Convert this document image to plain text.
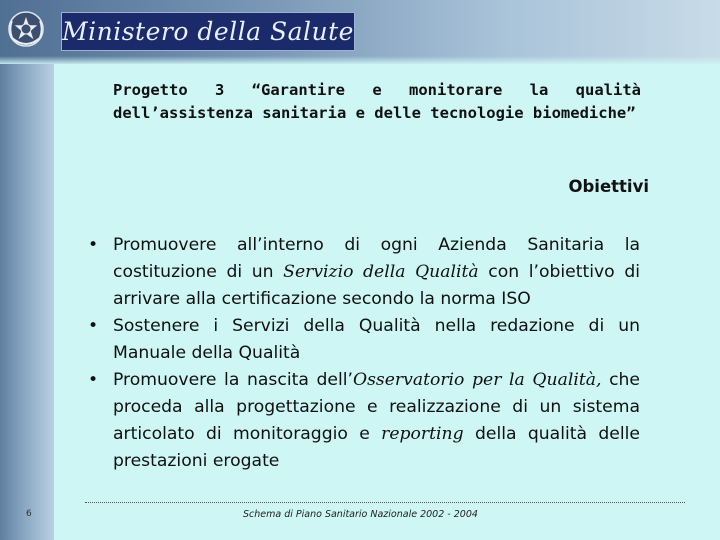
Ministero della Salute
Progetto 3 “Garantire e monitorare la qualità dell’assistenza sanitaria e delle tecnologie biomediche”
Obiettivi
• Promuovere all’interno di ogni Azienda Sanitaria la costituzione di un Servizio della Qualità con l’obiettivo di arrivare alla certificazione secondo la norma ISO
• Sostenere i Servizi della Qualità nella redazione di un Manuale della Qualità
• Promuovere la nascita dell’Osservatorio per la Qualità, che proceda alla progettazione e realizzazione di un sistema articolato di monitoraggio e reporting della qualità delle prestazioni erogate
6	Schema di Piano Sanitario Nazionale 2002 - 2004
